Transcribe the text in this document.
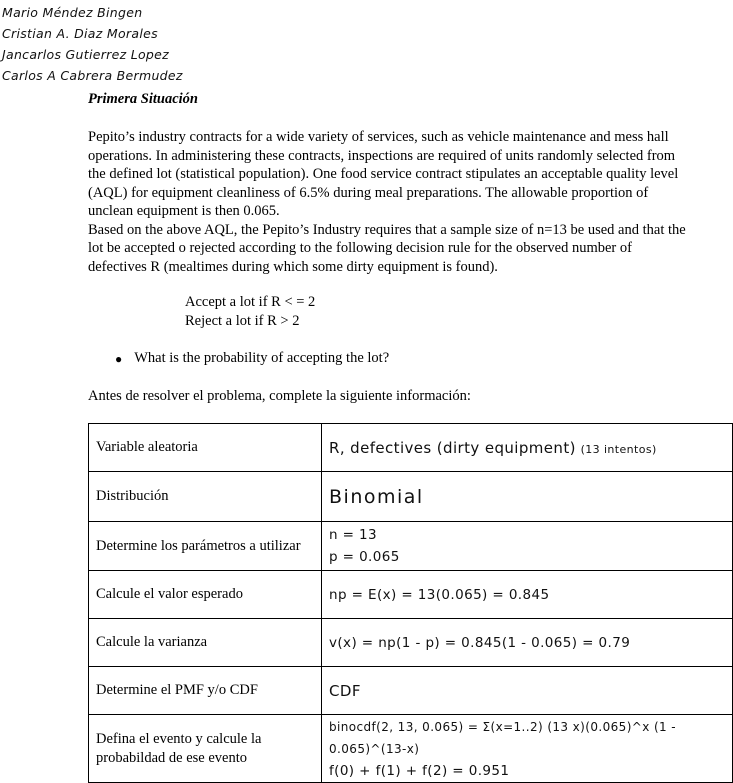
Mario Méndez Bingen
Cristian A. Diaz Morales
Jancarlos Gutierrez Lopez
Carlos A Cabrera Bermudez
Primera Situación

Pepito’s industry contracts for a wide variety of services, such as vehicle maintenance and mess hall operations. In administering these contracts, inspections are required of units randomly selected from the defined lot (statistical population). One food service contract stipulates an acceptable quality level (AQL) for equipment cleanliness of 6.5% during meal preparations. The allowable proportion of unclean equipment is then 0.065.

Based on the above AQL, the Pepito’s Industry requires that a sample size of n=13 be used and that the lot be accepted o rejected according to the following decision rule for the observed number of defectives R (mealtimes during which some dirty equipment is found).

Accept a lot if R < = 2
Reject a lot if R > 2
● What is the probability of accepting the lot?
Antes de resolver el problema, complete la siguiente información:
Variable aleatoria	R, defectives (dirty equipment) (13 intentos)
Distribución	Binomial
Determine los parámetros a utilizar	n = 13
p = 0.065

Calcule el valor esperado	np = E(x) = 13(0.065) = 0.845
Calcule la varianza	v(x) = np(1 - p) = 0.845(1 - 0.065) = 0.79
Determine el PMF y/o CDF	CDF
Defina el evento y calcule la probabildad de ese evento	binocdf(2, 13, 0.065) = Σ(x=1..2) (13 x)(0.065)^x (1 - 0.065)^(13-x)
f(0) + f(1) + f(2) = 0.951
